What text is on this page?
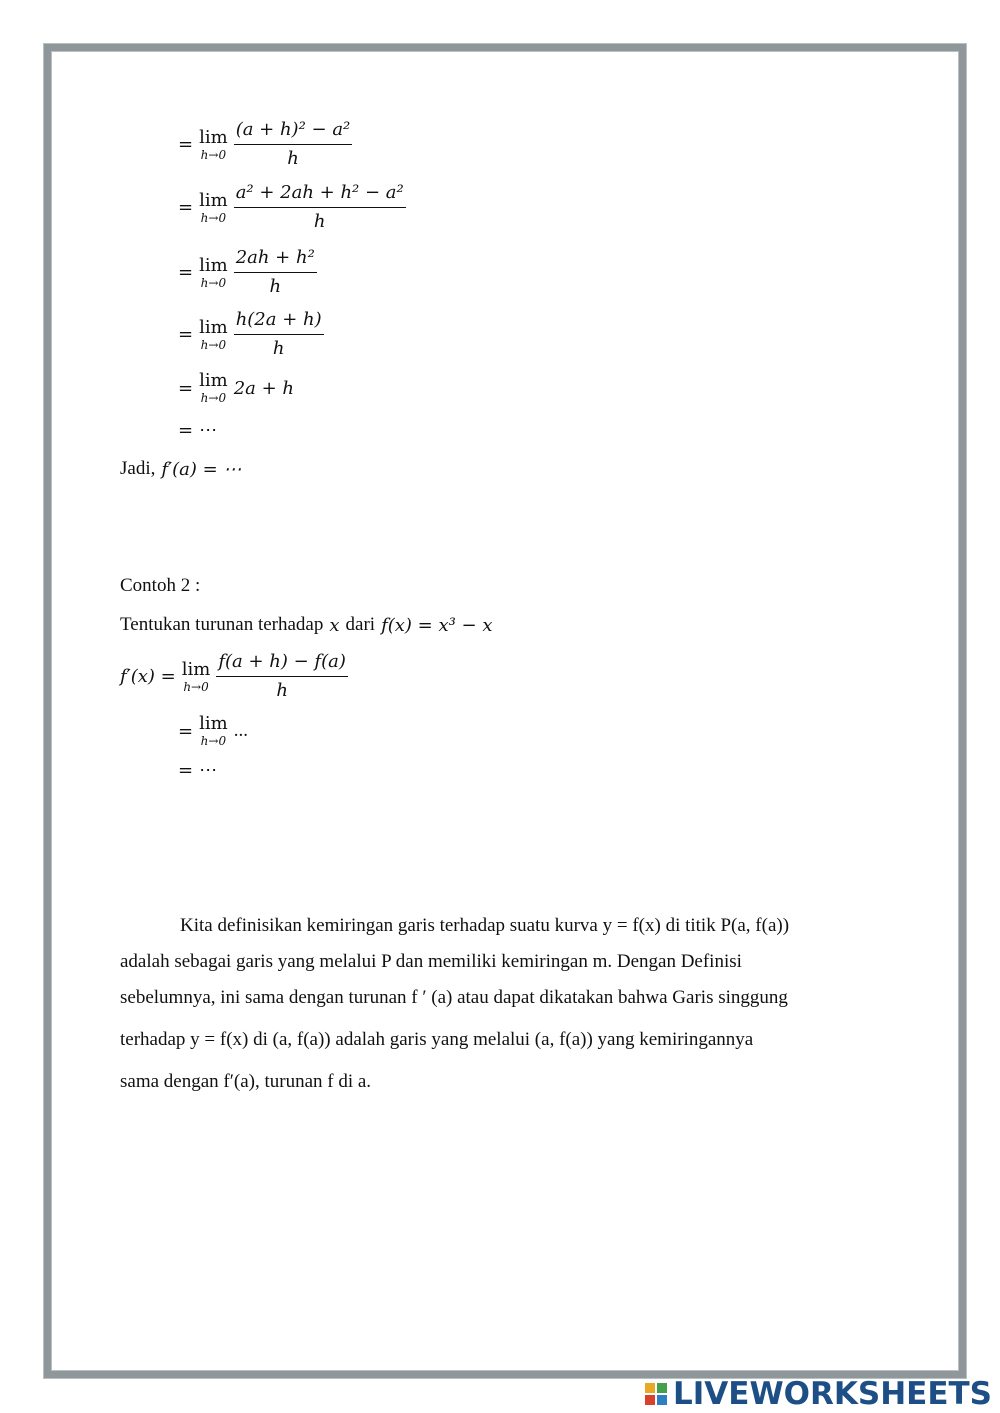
= lim
$h\to 0 \frac{\text{(a + h)² − a²}}{h}$
= lim
$h\to 0 \frac{\text{a² + 2ah + h² − a²}}{h}$
= lim
$h\to 0 \frac{\text{2ah + h²}}{h}$
= lim
$h\to 0 \frac{h(2a + h)}{h}$
= lim
h→0 2a + h
= ⋯
Jadi, f′(a) = ⋯
Contoh 2 :
Tentukan turunan terhadap x dari f(x) = x³ − x
f′(x) = lim
$h\to 0 \frac{f(a + h) - f(a)}{h}$
= lim
h→0 ...
= ⋯
Kita definisikan kemiringan garis terhadap suatu kurva y = f(x) di titik P(a, f(a))
adalah sebagai garis yang melalui P dan memiliki kemiringan m. Dengan Definisi
sebelumnya, ini sama dengan turunan f ′ (a) atau dapat dikatakan bahwa Garis singgung
terhadap y = f(x) di (a, f(a)) adalah garis yang melalui (a, f(a)) yang kemiringannya
sama dengan f′(a), turunan f di a.
LIVEWORKSHEETS
